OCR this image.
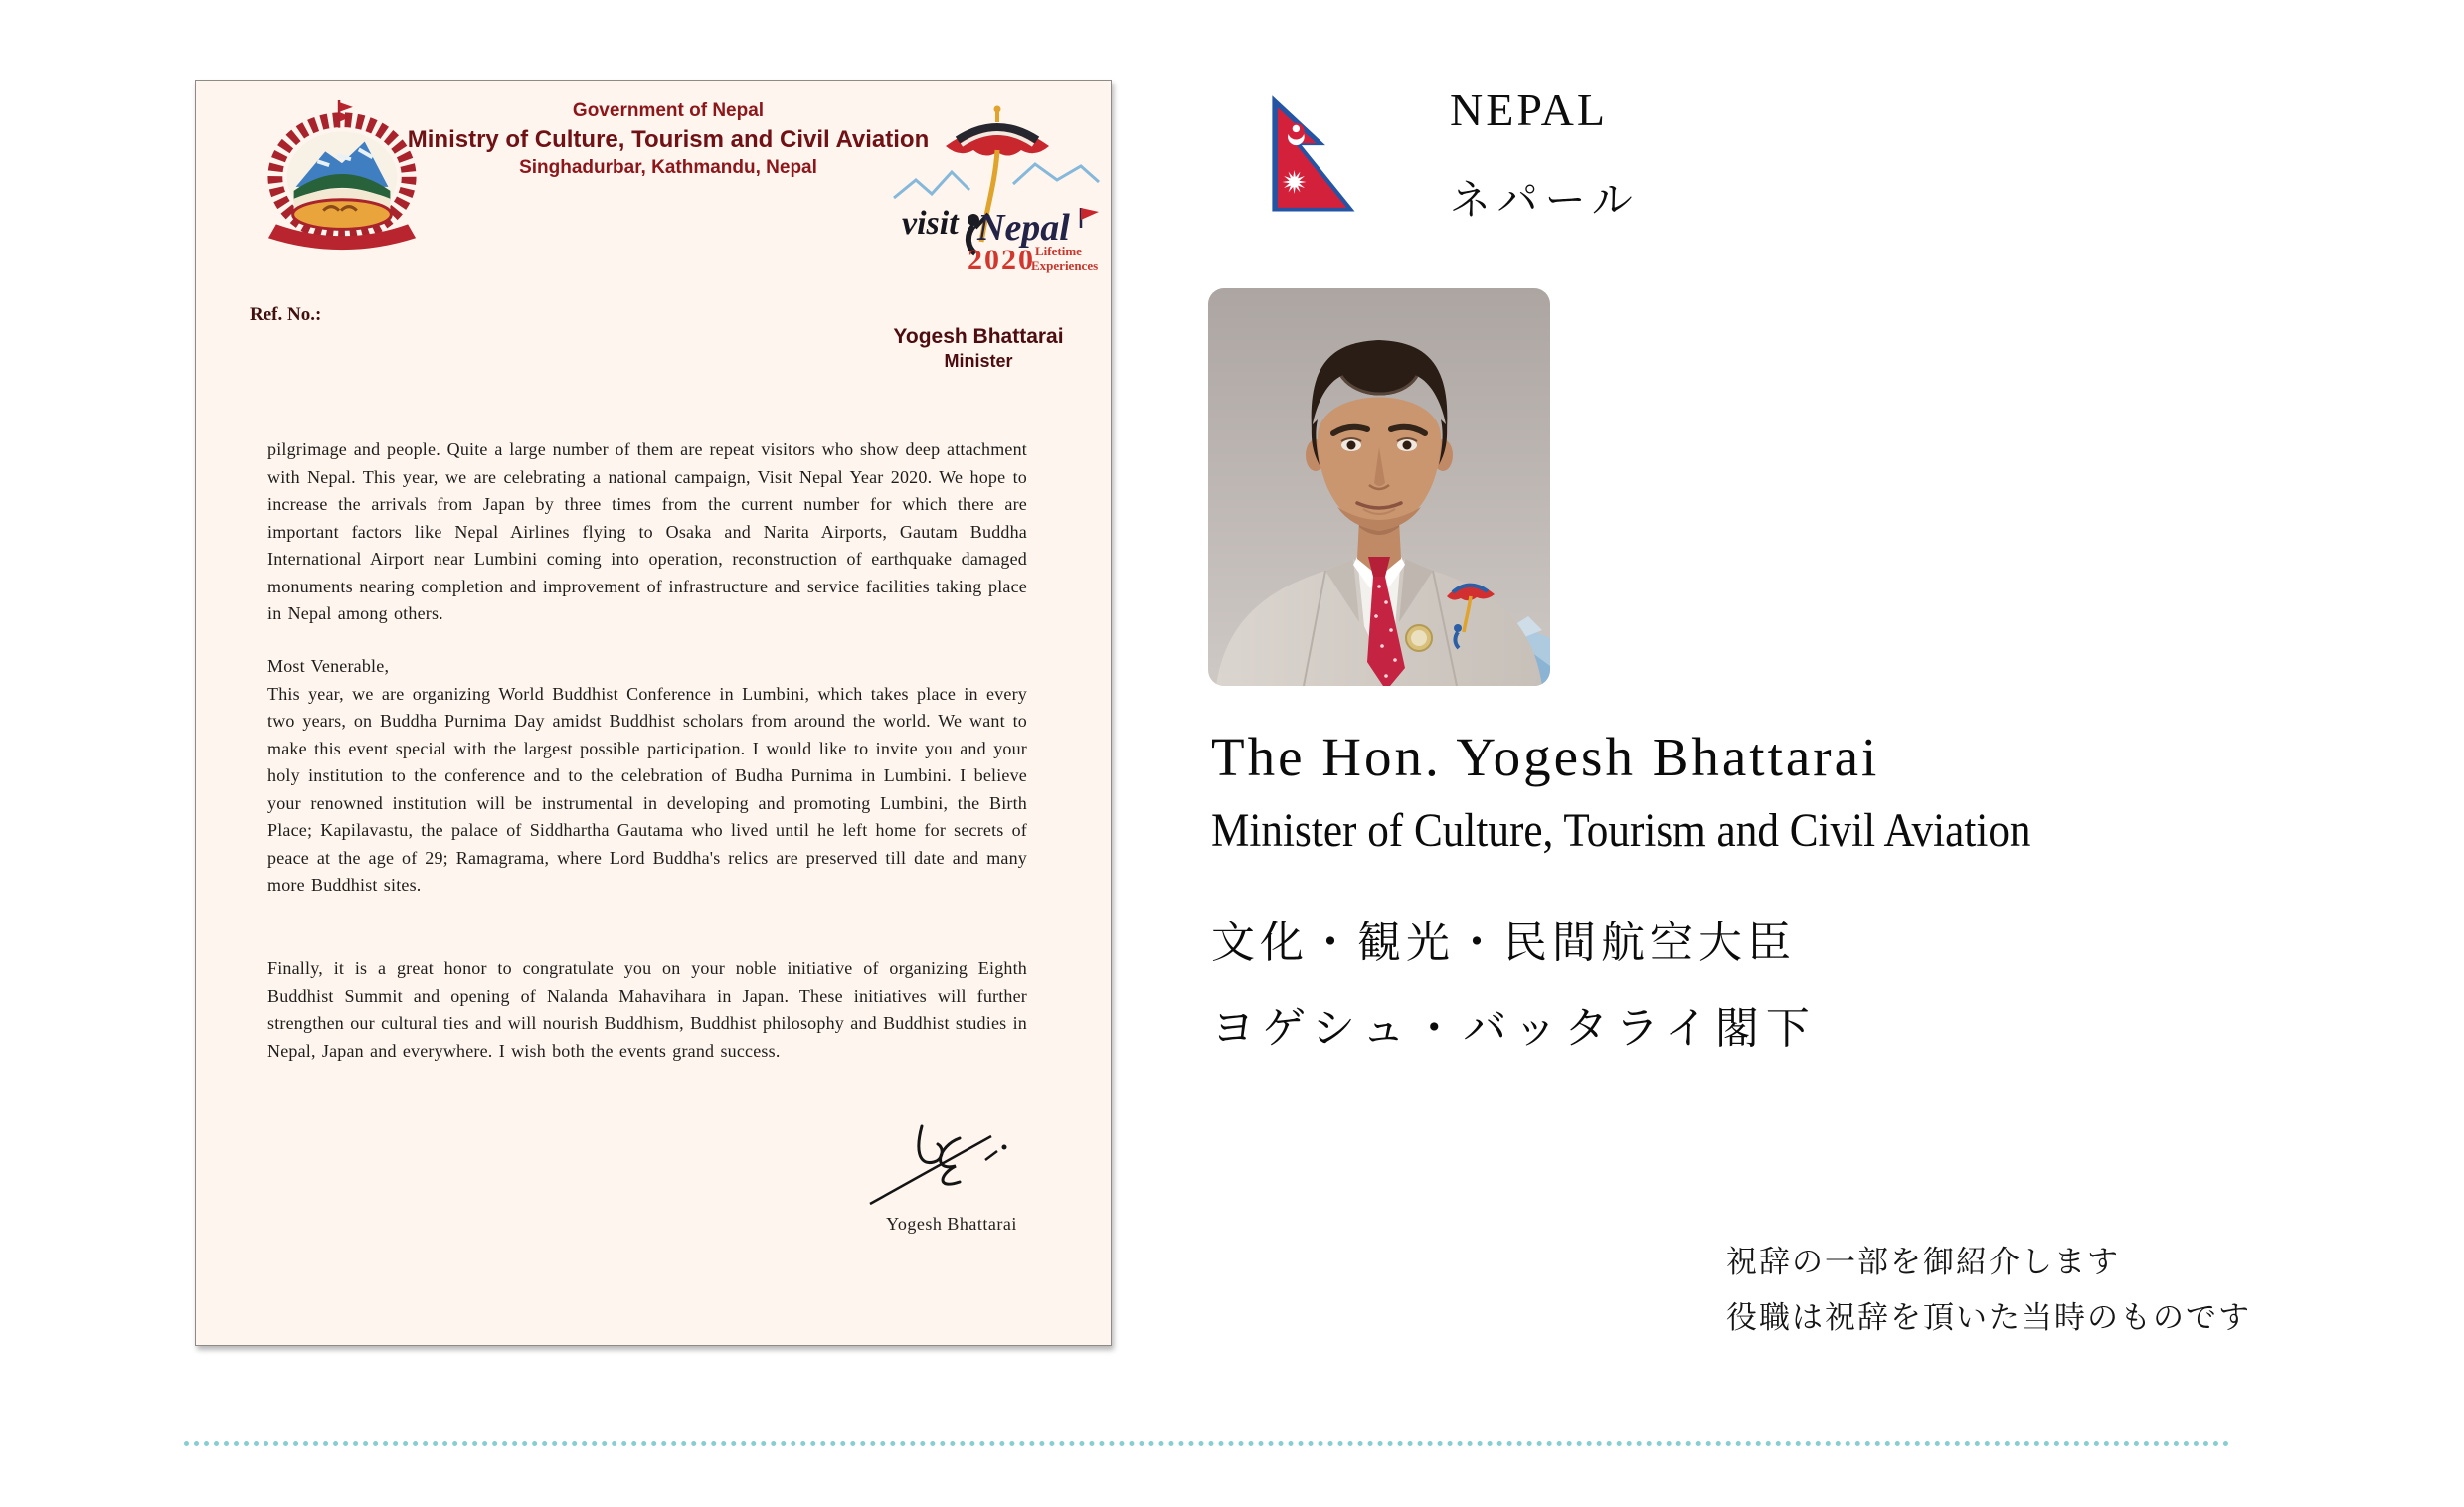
Government of Nepal
Ministry of Culture, Tourism and Civil Aviation
Singhadurbar, Kathmandu, Nepal
visit Nepal
2020 Lifetime
Experiences
Ref. No.:
Yogesh Bhattarai
Minister

pilgrimage and people. Quite a large number of them are repeat visitors who show deep attachment with Nepal. This year, we are celebrating a national campaign, Visit Nepal Year 2020. We hope to increase the arrivals from Japan by three times from the current number for which there are important factors like Nepal Airlines flying to Osaka and Narita Airports, Gautam Buddha International Airport near Lumbini coming into operation, reconstruction of earthquake damaged monuments nearing completion and improvement of infrastructure and service facilities taking place in Nepal among others.

Most Venerable,
This year, we are organizing World Buddhist Conference in Lumbini, which takes place in every two years, on Buddha Purnima Day amidst Buddhist scholars from around the world. We want to make this event special with the largest possible participation. I would like to invite you and your holy institution to the conference and to the celebration of Budha Purnima in Lumbini. I believe your renowned institution will be instrumental in developing and promoting Lumbini, the Birth Place; Kapilavastu, the palace of Siddhartha Gautama who lived until he left home for secrets of peace at the age of 29; Ramagrama, where Lord Buddha's relics are preserved till date and many more Buddhist sites.

Finally, it is a great honor to congratulate you on your noble initiative of organizing Eighth Buddhist Summit and opening of Nalanda Mahavihara in Japan. These initiatives will further strengthen our cultural ties and will nourish Buddhism, Buddhist philosophy and Buddhist studies in Nepal, Japan and everywhere. I wish both the events grand success.

Yogesh Bhattarai
NEPAL
ネパール
The Hon. Yogesh Bhattarai
Minister of Culture, Tourism and Civil Aviation
文化・観光・民間航空大臣
ヨゲシュ・バッタライ閣下
祝辞の一部を御紹介します
役職は祝辞を頂いた当時のものです
